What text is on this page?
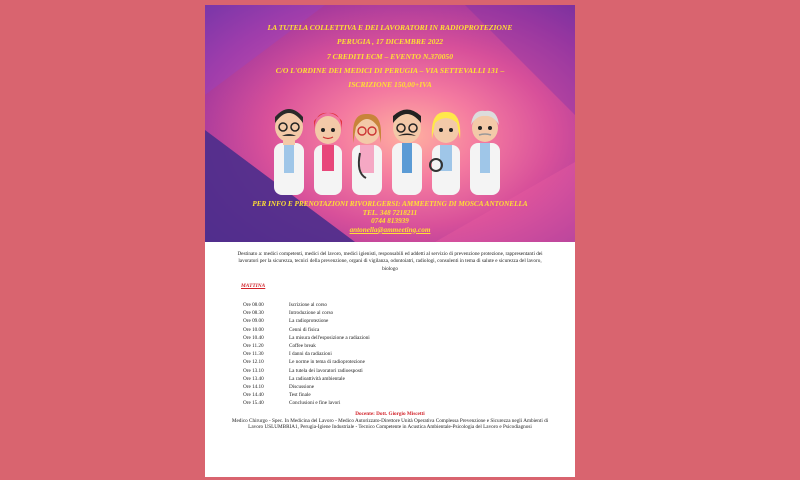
LA TUTELA COLLETTIVA E DEI LAVORATORI IN RADIOPROTEZIONE
PERUGIA , 17 DICEMBRE 2022
7 CREDITI ECM – EVENTO N.370050
C/O L'ORDINE DEI MEDICI DI PERUGIA – VIA SETTEVALLI 131 –
ISCRIZIONE 150,00+IVA
PER INFO E PRENOTAZIONI RIVORLGERSI: AMMEETING DI MOSCA ANTONELLA
TEL. 348 7218211
0744 813939
antonella@ammeeting.com
Destinato a: medici competenti, medici del lavoro, medici igienisti, responsabili ed addetti al servizio di prevenzione protezione, rappresentanti dei lavoratori per la sicurezza, tecnici della prevenzione, organi di vigilanza, odontoiatri, radiologi, consulenti in tema di salute e sicurezza del lavoro, biologo
MATTINA
Ore 08.00	Iscrizione al corso
Ore 08.30	Introduzione al corso
Ore 09.00	La radioprotezione
Ore 10.00	Cenni di fisica
Ore 10.40	La misura dell'esposizione a radiazioni
Ore 11.20	Coffee break
Ore 11.30	I danni da radiazioni
Ore 12.10	Le norme in tema di radioprotezione
Ore 13.10	La tutela dei lavoratori radioesposti
Ore 13.40	La radioattività ambientale
Ore 14.10	Discussione
Ore 14.40	Test finale
Ore 15.40	Conclusioni e fine lavori
Docente: Dott. Giorgio Miscetti
Medico Chirurgo - Spec. In Medicina del Lavoro - Medico Autorizzato-Direttore Unità Operativa Complessa Prevenzione e Sicurezza negli Ambienti di Lavoro USLUMBRIA1, Perugia-Igiene Industriale - Tecnico Competente in Acustica Ambientale-Psicologia del Lavoro e Psicodiagnosi
